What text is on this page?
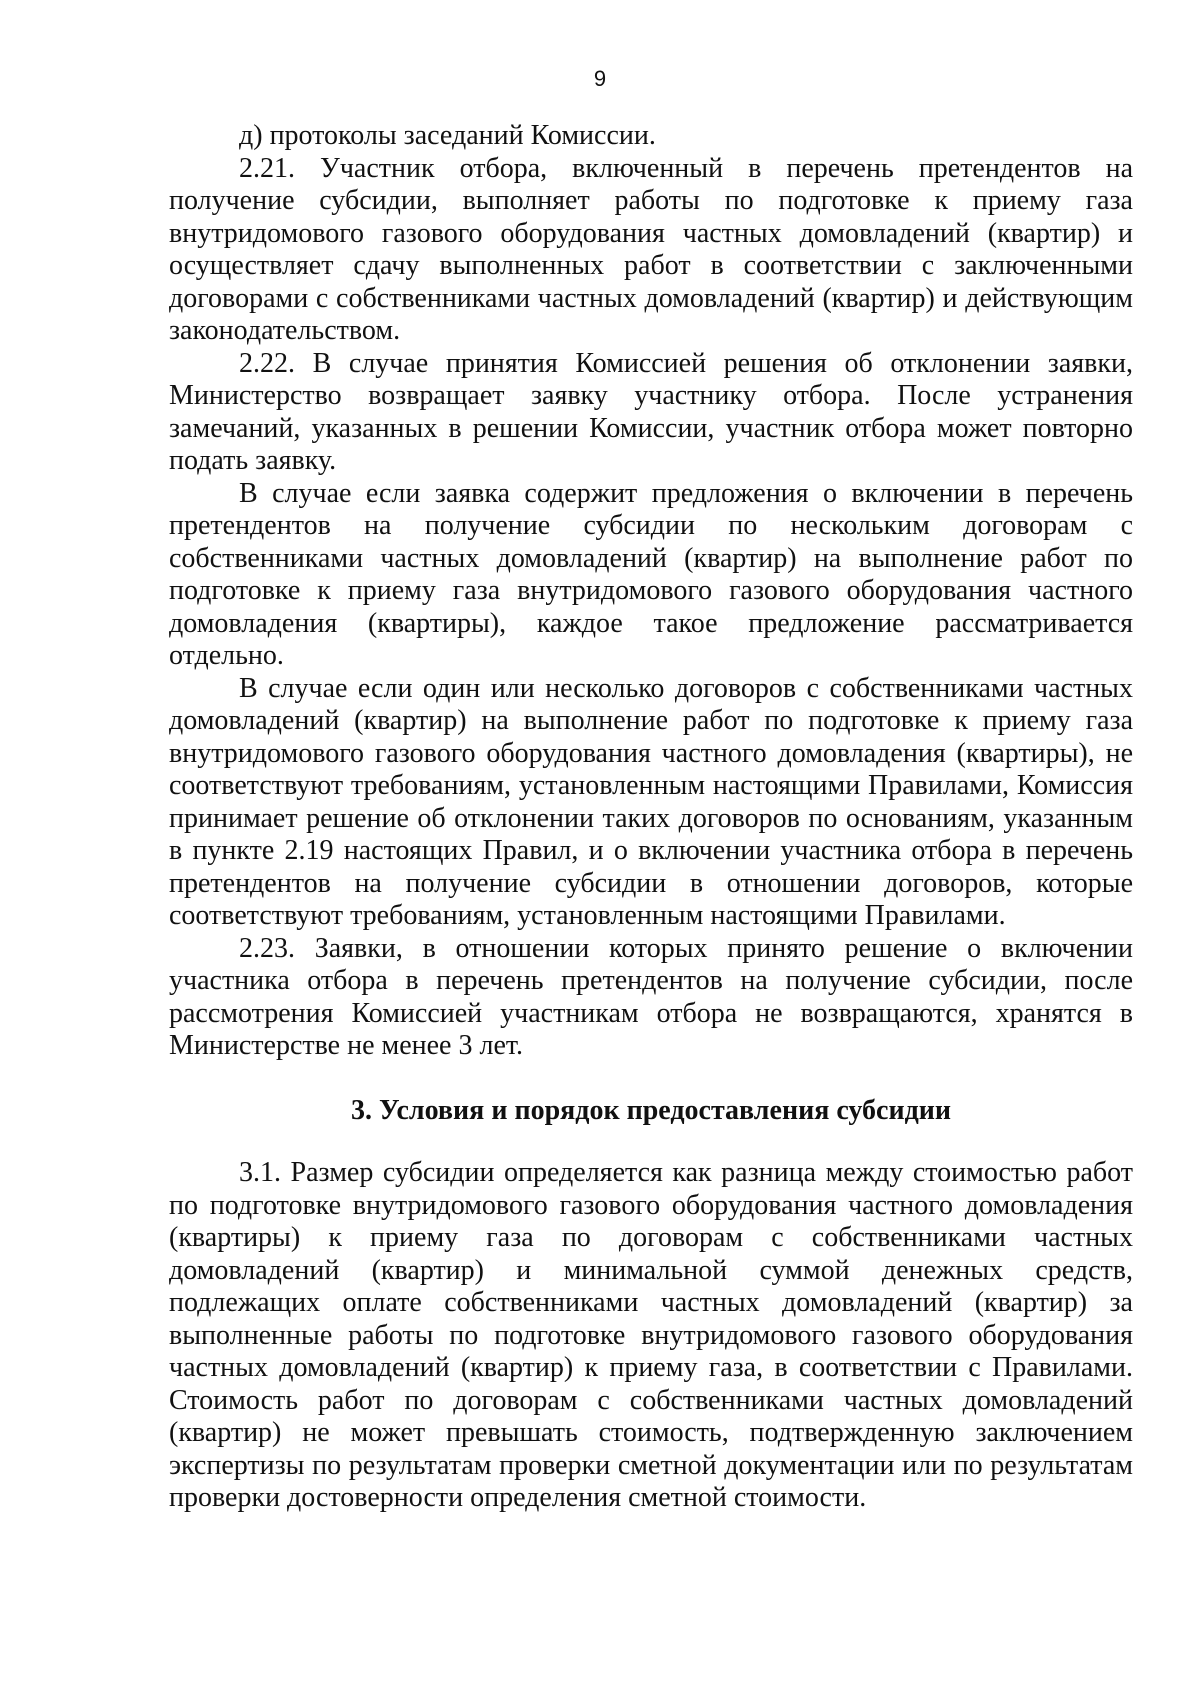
9

д) протоколы заседаний Комиссии.

2.21. Участник отбора, включенный в перечень претендентов на получение субсидии, выполняет работы по подготовке к приему газа внутридомового газового оборудования частных домовладений (квартир) и осуществляет сдачу выполненных работ в соответствии с заключенными договорами с собственниками частных домовладений (квартир) и действующим законодательством.

2.22. В случае принятия Комиссией решения об отклонении заявки, Министерство возвращает заявку участнику отбора. После устранения замечаний, указанных в решении Комиссии, участник отбора может повторно подать заявку.

В случае если заявка содержит предложения о включении в перечень претендентов на получение субсидии по нескольким договорам с собственниками частных домовладений (квартир) на выполнение работ по подготовке к приему газа внутридомового газового оборудования частного домовладения (квартиры), каждое такое предложение рассматривается отдельно.

В случае если один или несколько договоров с собственниками частных домовладений (квартир) на выполнение работ по подготовке к приему газа внутридомового газового оборудования частного домовладения (квартиры), не соответствуют требованиям, установленным настоящими Правилами, Комиссия принимает решение об отклонении таких договоров по основаниям, указанным в пункте 2.19 настоящих Правил, и о включении участника отбора в перечень претендентов на получение субсидии в отношении договоров, которые соответствуют требованиям, установленным настоящими Правилами.

2.23. Заявки, в отношении которых принято решение о включении участника отбора в перечень претендентов на получение субсидии, после рассмотрения Комиссией участникам отбора не возвращаются, хранятся в Министерстве не менее 3 лет.

3. Условия и порядок предоставления субсидии

3.1. Размер субсидии определяется как разница между стоимостью работ по подготовке внутридомового газового оборудования частного домовладения (квартиры) к приему газа по договорам с собственниками частных домовладений (квартир) и минимальной суммой денежных средств, подлежащих оплате собственниками частных домовладений (квартир) за выполненные работы по подготовке внутридомового газового оборудования частных домовладений (квартир) к приему газа, в соответствии с Правилами. Стоимость работ по договорам с собственниками частных домовладений (квартир) не может превышать стоимость, подтвержденную заключением экспертизы по результатам проверки сметной документации или по результатам проверки достоверности определения сметной стоимости.
